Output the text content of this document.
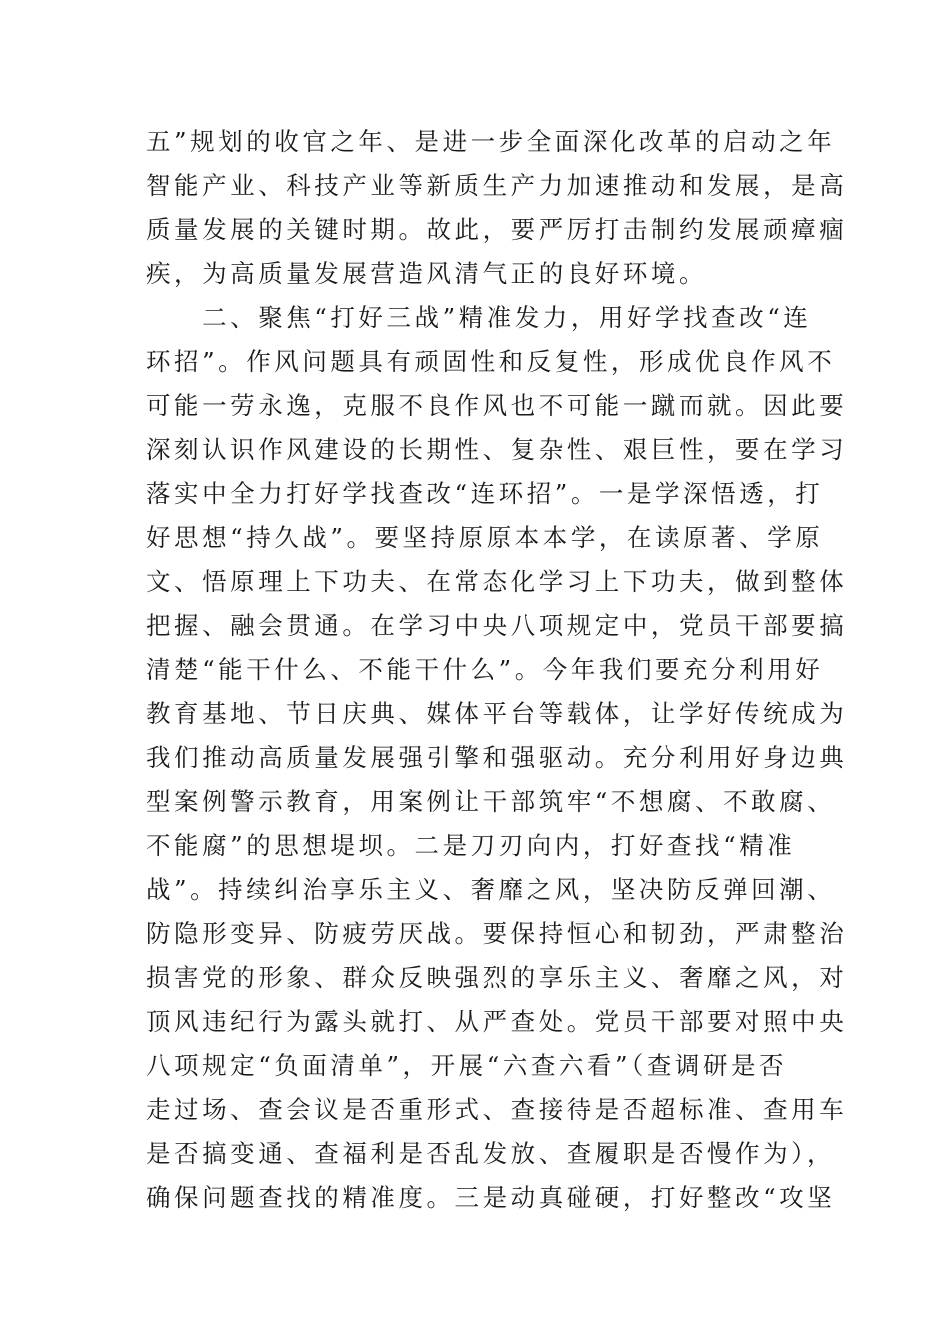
五”规划的收官之年、是进一步全面深化改革的启动之年
智能产业、科技产业等新质生产力加速推动和发展，是高
质量发展的关键时期。故此，要严厉打击制约发展顽瘴痼
疾，为高质量发展营造风清气正的良好环境。
　　二、聚焦“打好三战”精准发力，用好学找查改“连
环招”。作风问题具有顽固性和反复性，形成优良作风不
可能一劳永逸，克服不良作风也不可能一蹴而就。因此要
深刻认识作风建设的长期性、复杂性、艰巨性，要在学习
落实中全力打好学找查改“连环招”。一是学深悟透，打
好思想“持久战”。要坚持原原本本学，在读原著、学原
文、悟原理上下功夫、在常态化学习上下功夫，做到整体
把握、融会贯通。在学习中央八项规定中，党员干部要搞
清楚“能干什么、不能干什么”。今年我们要充分利用好
教育基地、节日庆典、媒体平台等载体，让学好传统成为
我们推动高质量发展强引擎和强驱动。充分利用好身边典
型案例警示教育，用案例让干部筑牢“不想腐、不敢腐、
不能腐”的思想堤坝。二是刀刃向内，打好查找“精准
战”。持续纠治享乐主义、奢靡之风，坚决防反弹回潮、
防隐形变异、防疲劳厌战。要保持恒心和韧劲，严肃整治
损害党的形象、群众反映强烈的享乐主义、奢靡之风，对
顶风违纪行为露头就打、从严查处。党员干部要对照中央
八项规定“负面清单”，开展“六查六看”（查调研是否
走过场、查会议是否重形式、查接待是否超标准、查用车
是否搞变通、查福利是否乱发放、查履职是否慢作为），
确保问题查找的精准度。三是动真碰硬，打好整改“攻坚
